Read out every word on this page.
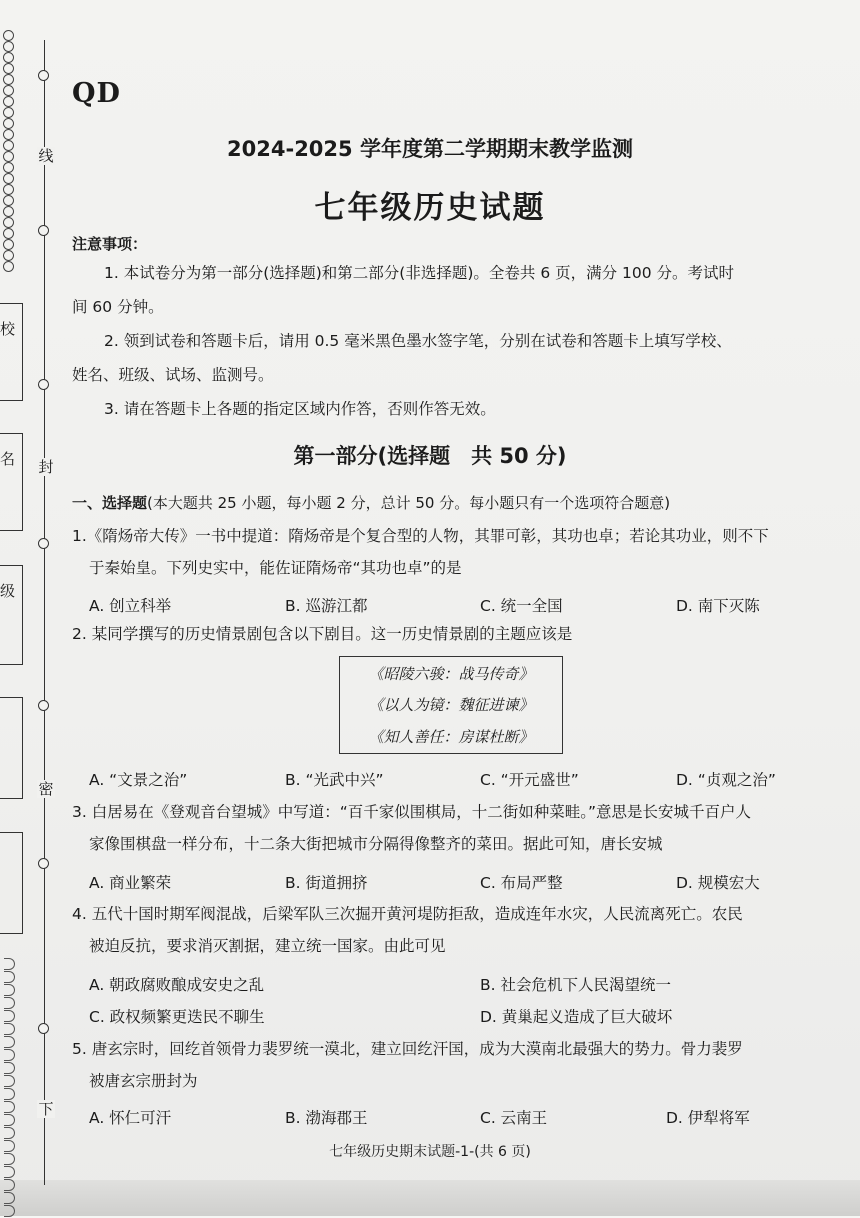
线
封
密
下
校
名
级
QD
2024-2025 学年度第二学期期末教学监测
七年级历史试题
注意事项：
1. 本试卷分为第一部分(选择题)和第二部分(非选择题)。全卷共 6 页，满分 100 分。考试时
间 60 分钟。
2. 领到试卷和答题卡后，请用 0.5 毫米黑色墨水签字笔，分别在试卷和答题卡上填写学校、
姓名、班级、试场、监测号。
3. 请在答题卡上各题的指定区域内作答，否则作答无效。
第一部分(选择题　共 50 分)
一、选择题(本大题共 25 小题，每小题 2 分，总计 50 分。每小题只有一个选项符合题意)
1.《隋炀帝大传》一书中提道：隋炀帝是个复合型的人物，其罪可彰，其功也卓；若论其功业，则不下
于秦始皇。下列史实中，能佐证隋炀帝“其功也卓”的是
A. 创立科举	B. 巡游江都	C. 统一全国	D. 南下灭陈
2. 某同学撰写的历史情景剧包含以下剧目。这一历史情景剧的主题应该是
《昭陵六骏：战马传奇》
《以人为镜：魏征进谏》
《知人善任：房谋杜断》
A. “文景之治”	B. “光武中兴”	C. “开元盛世”	D. “贞观之治”
3. 白居易在《登观音台望城》中写道：“百千家似围棋局，十二街如种菜畦。”意思是长安城千百户人
家像围棋盘一样分布，十二条大街把城市分隔得像整齐的菜田。据此可知，唐长安城
A. 商业繁荣	B. 街道拥挤	C. 布局严整	D. 规模宏大
4. 五代十国时期军阀混战，后梁军队三次掘开黄河堤防拒敌，造成连年水灾，人民流离死亡。农民
被迫反抗，要求消灭割据，建立统一国家。由此可见
A. 朝政腐败酿成安史之乱	B. 社会危机下人民渴望统一
C. 政权频繁更迭民不聊生	D. 黄巢起义造成了巨大破坏
5. 唐玄宗时，回纥首领骨力裴罗统一漠北，建立回纥汗国，成为大漠南北最强大的势力。骨力裴罗
被唐玄宗册封为
A. 怀仁可汗	B. 渤海郡王	C. 云南王	D. 伊犁将军
七年级历史期末试题-1-(共 6 页)
